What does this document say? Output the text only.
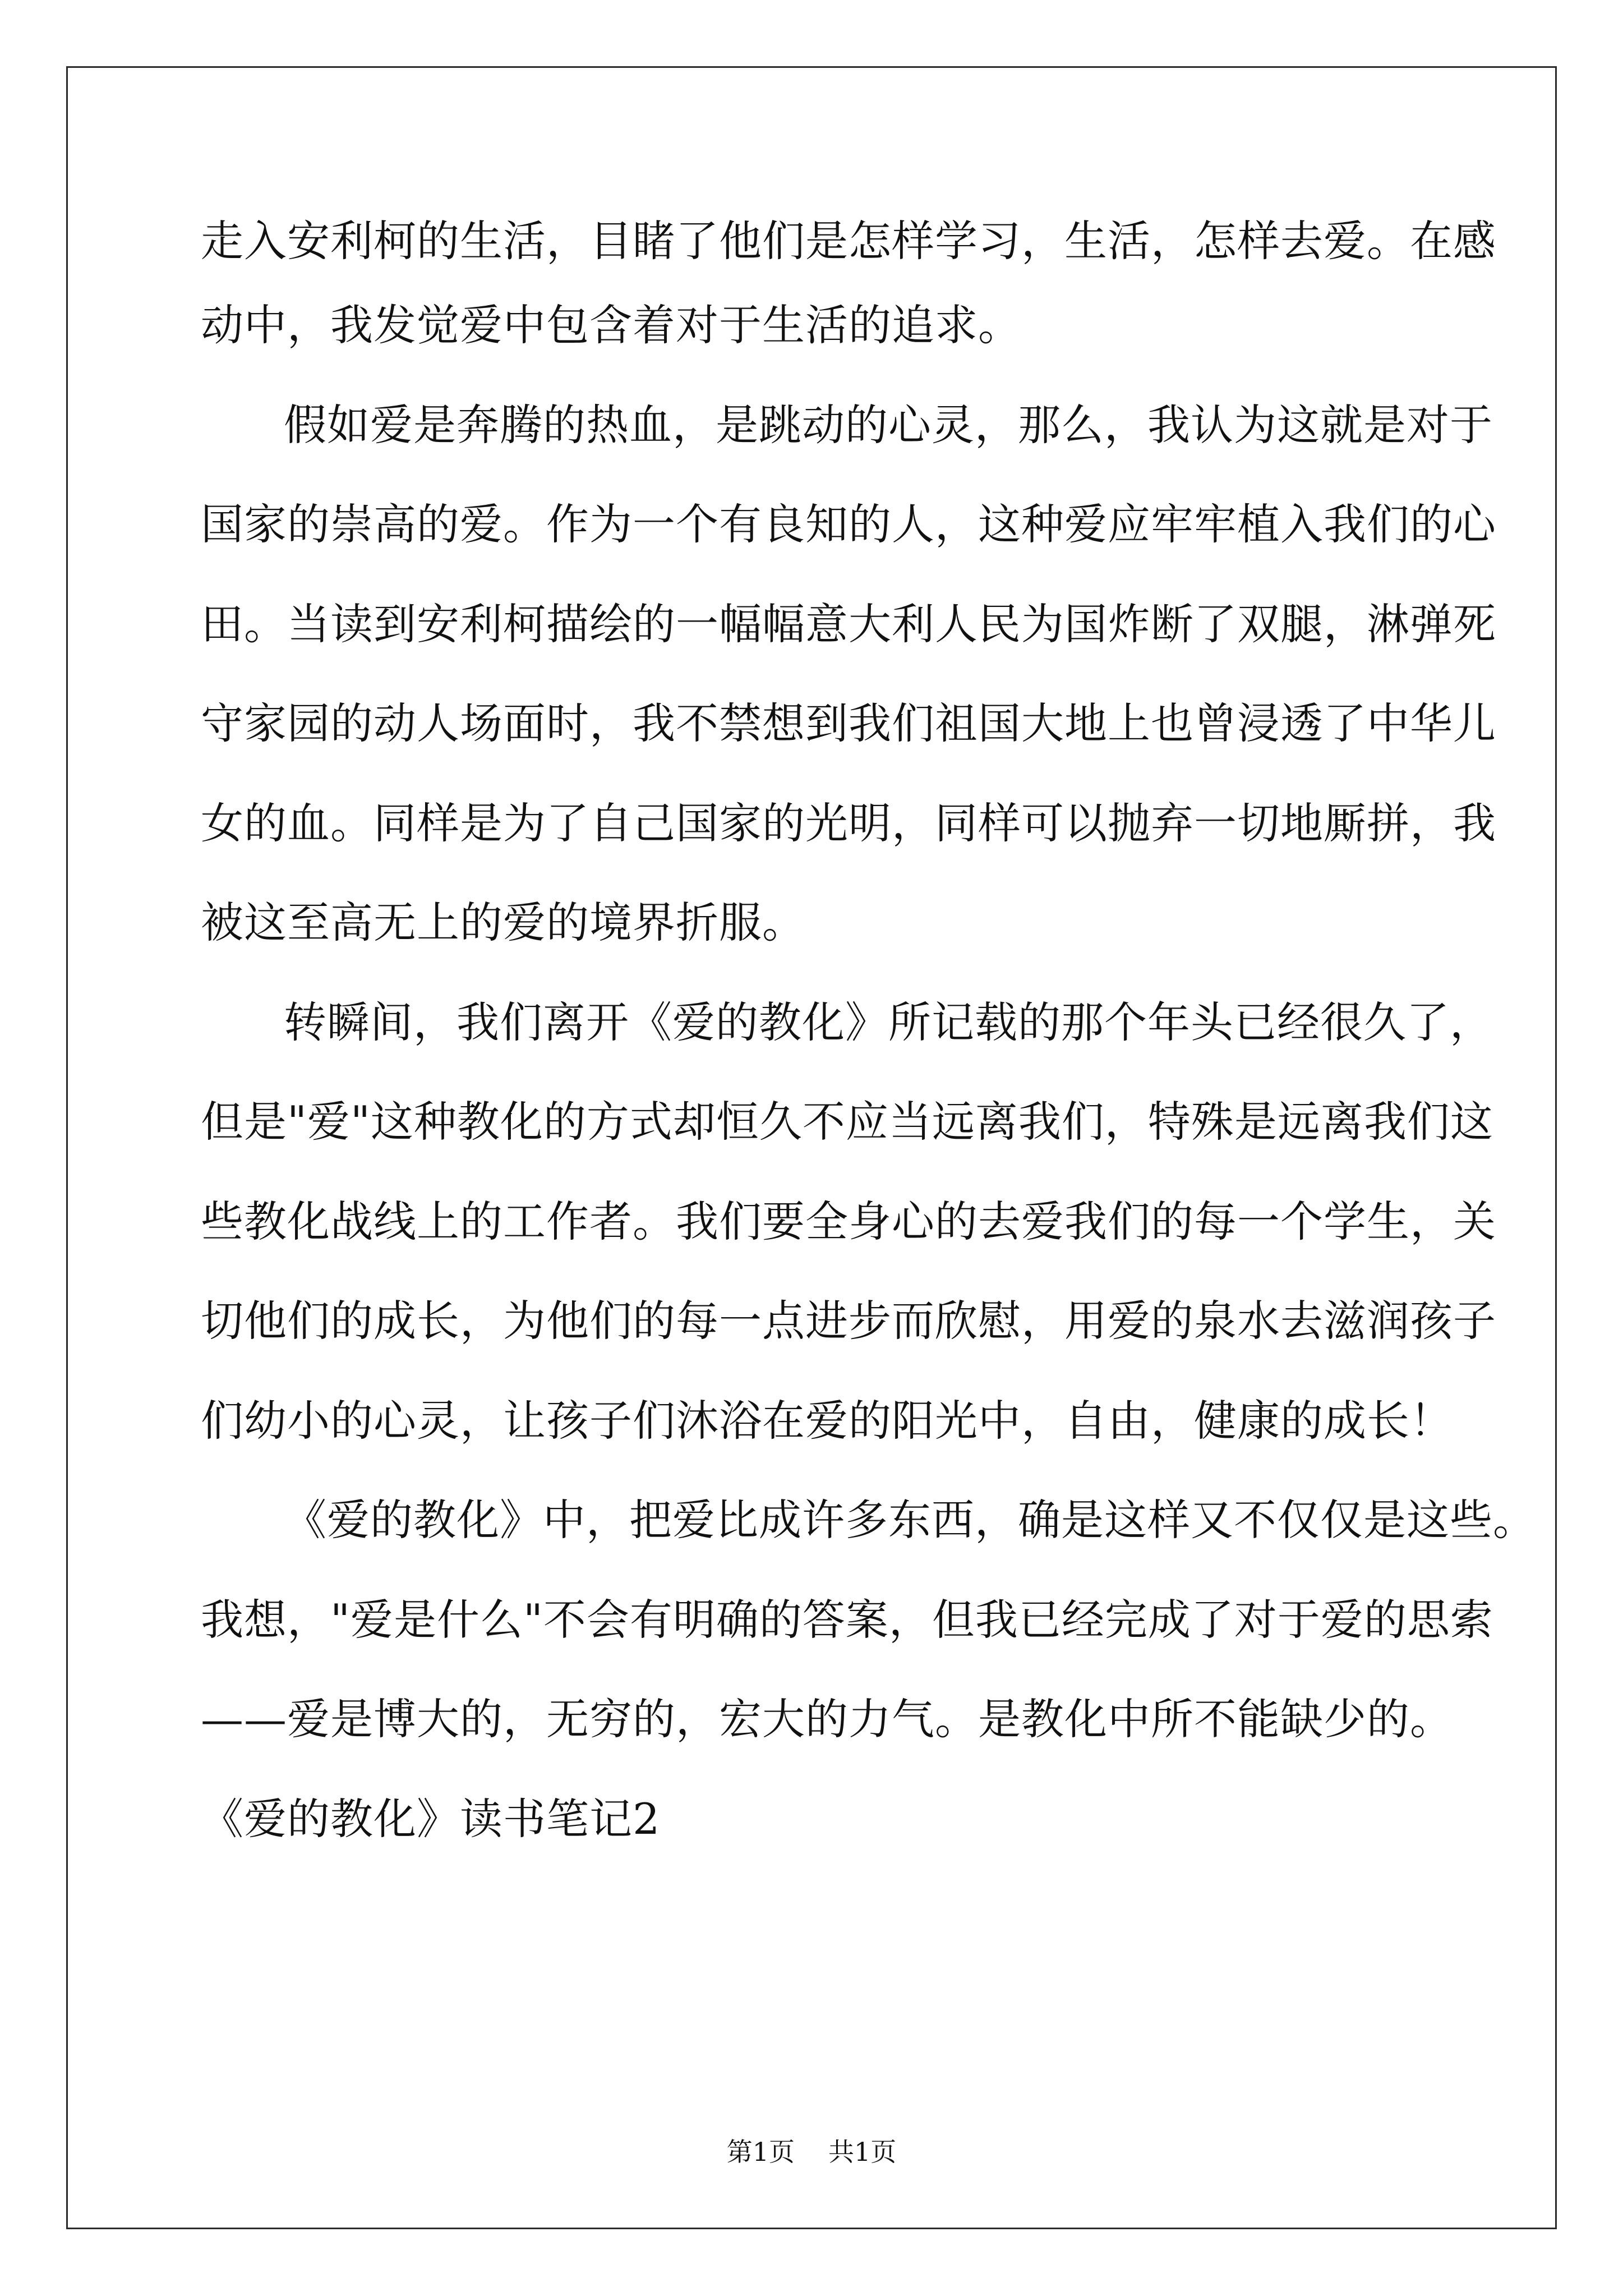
走入安利柯的生活，目睹了他们是怎样学习，生活，怎样去爱。在感
动中，我发觉爱中包含着对于生活的追求。
假如爱是奔腾的热血，是跳动的心灵，那么，我认为这就是对于
国家的崇高的爱。作为一个有良知的人，这种爱应牢牢植入我们的心
田。当读到安利柯描绘的一幅幅意大利人民为国炸断了双腿，淋弹死
守家园的动人场面时，我不禁想到我们祖国大地上也曾浸透了中华儿
女的血。同样是为了自己国家的光明，同样可以抛弃一切地厮拼，我
被这至高无上的爱的境界折服。
转瞬间，我们离开《爱的教化》所记载的那个年头已经很久了，
但是"爱"这种教化的方式却恒久不应当远离我们，特殊是远离我们这
些教化战线上的工作者。我们要全身心的去爱我们的每一个学生，关
切他们的成长，为他们的每一点进步而欣慰，用爱的泉水去滋润孩子
们幼小的心灵，让孩子们沐浴在爱的阳光中，自由，健康的成长！
《爱的教化》中，把爱比成许多东西，确是这样又不仅仅是这些。
我想，"爱是什么"不会有明确的答案，但我已经完成了对于爱的思索
——爱是博大的，无穷的，宏大的力气。是教化中所不能缺少的。
《爱的教化》读书笔记2
第1页 共1页
